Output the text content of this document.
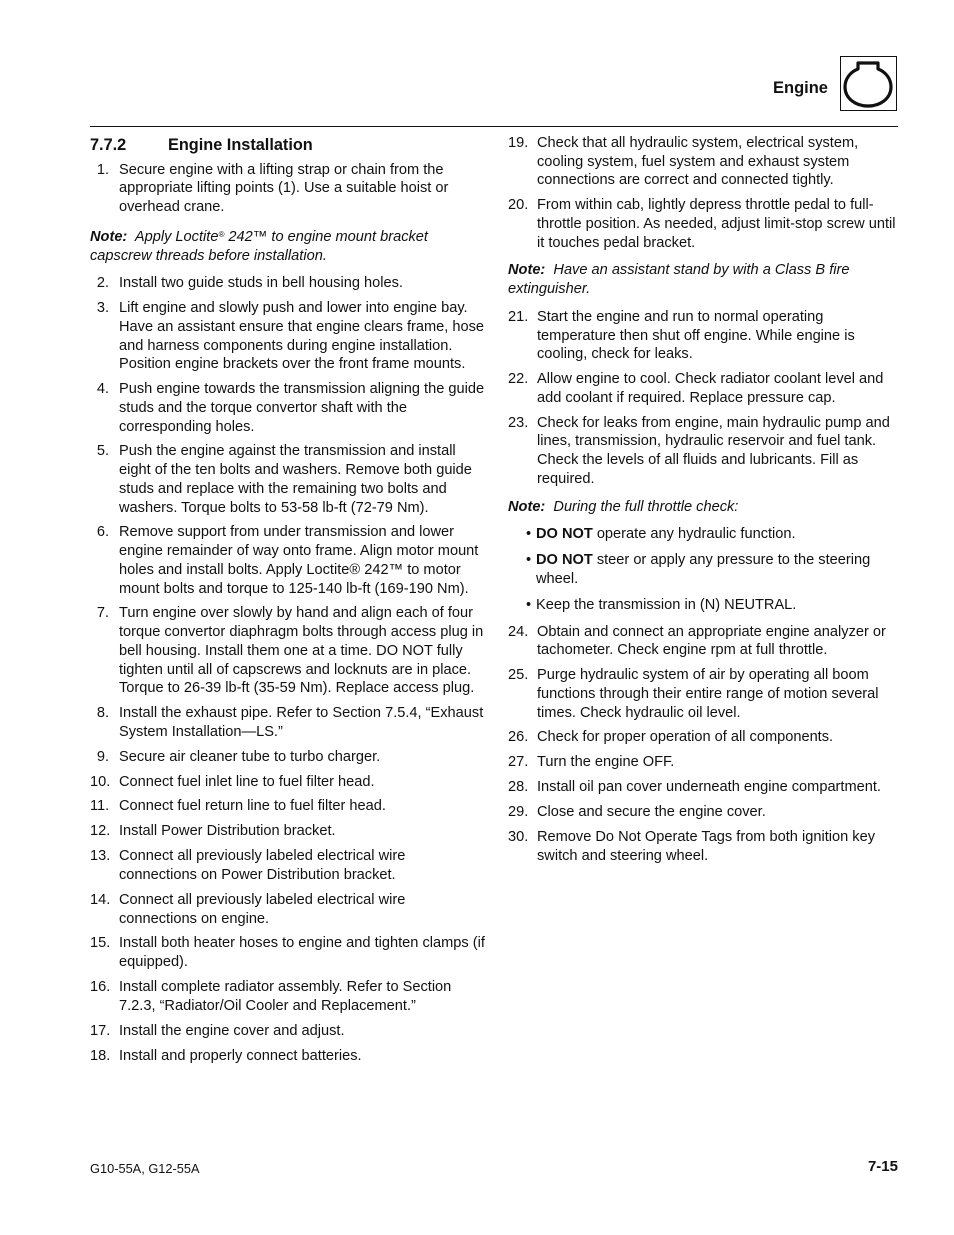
Engine
7.7.2	Engine Installation
1. Secure engine with a lifting strap or chain from the appropriate lifting points (1). Use a suitable hoist or overhead crane.
Note: Apply Loctite® 242™ to engine mount bracket capscrew threads before installation.
2. Install two guide studs in bell housing holes.
3. Lift engine and slowly push and lower into engine bay. Have an assistant ensure that engine clears frame, hose and harness components during engine installation. Position engine brackets over the front frame mounts.
4. Push engine towards the transmission aligning the guide studs and the torque convertor shaft with the corresponding holes.
5. Push the engine against the transmission and install eight of the ten bolts and washers. Remove both guide studs and replace with the remaining two bolts and washers. Torque bolts to 53-58 lb-ft (72-79 Nm).
6. Remove support from under transmission and lower engine remainder of way onto frame. Align motor mount holes and install bolts. Apply Loctite® 242™ to motor mount bolts and torque to 125-140 lb-ft (169-190 Nm).
7. Turn engine over slowly by hand and align each of four torque convertor diaphragm bolts through access plug in bell housing. Install them one at a time. DO NOT fully tighten until all of capscrews and locknuts are in place. Torque to 26-39 lb-ft (35-59 Nm). Replace access plug.
8. Install the exhaust pipe. Refer to Section 7.5.4, “Exhaust System Installation—LS.”
9. Secure air cleaner tube to turbo charger.
10. Connect fuel inlet line to fuel filter head.
11. Connect fuel return line to fuel filter head.
12. Install Power Distribution bracket.
13. Connect all previously labeled electrical wire connections on Power Distribution bracket.
14. Connect all previously labeled electrical wire connections on engine.
15. Install both heater hoses to engine and tighten clamps (if equipped).
16. Install complete radiator assembly. Refer to Section 7.2.3, “Radiator/Oil Cooler and Replacement.”
17. Install the engine cover and adjust.
18. Install and properly connect batteries.
19. Check that all hydraulic system, electrical system, cooling system, fuel system and exhaust system connections are correct and connected tightly.
20. From within cab, lightly depress throttle pedal to full-throttle position. As needed, adjust limit-stop screw until it touches pedal bracket.
Note: Have an assistant stand by with a Class B fire extinguisher.
21. Start the engine and run to normal operating temperature then shut off engine. While engine is cooling, check for leaks.
22. Allow engine to cool. Check radiator coolant level and add coolant if required. Replace pressure cap.
23. Check for leaks from engine, main hydraulic pump and lines, transmission, hydraulic reservoir and fuel tank. Check the levels of all fluids and lubricants. Fill as required.
Note: During the full throttle check:
• DO NOT operate any hydraulic function.
• DO NOT steer or apply any pressure to the steering wheel.
• Keep the transmission in (N) NEUTRAL.
24. Obtain and connect an appropriate engine analyzer or tachometer. Check engine rpm at full throttle.
25. Purge hydraulic system of air by operating all boom functions through their entire range of motion several times. Check hydraulic oil level.
26. Check for proper operation of all components.
27. Turn the engine OFF.
28. Install oil pan cover underneath engine compartment.
29. Close and secure the engine cover.
30. Remove Do Not Operate Tags from both ignition key switch and steering wheel.
G10-55A, G12-55A	7-15
